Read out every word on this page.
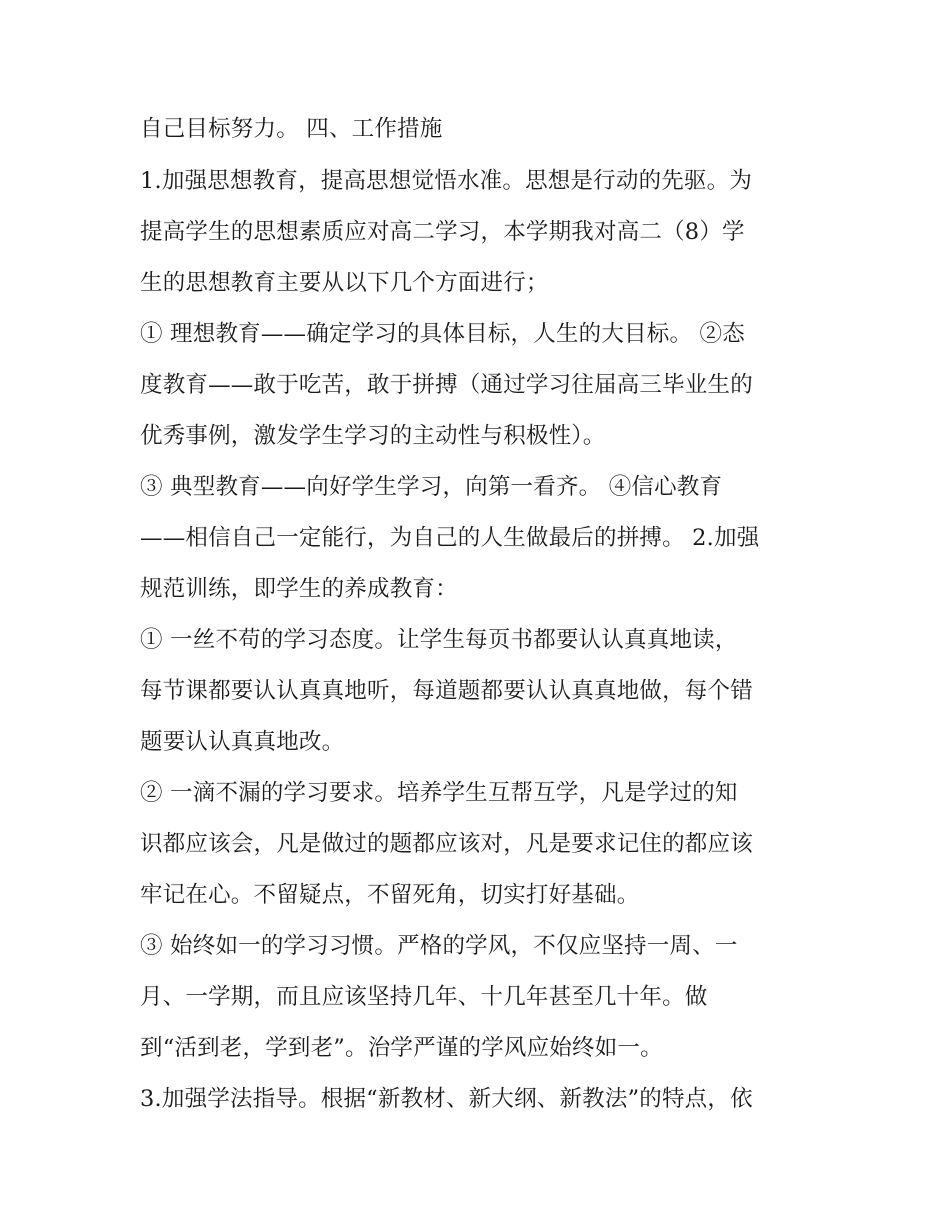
自己目标努力。 四、工作措施
1.加强思想教育，提高思想觉悟水准。思想是行动的先驱。为
提高学生的思想素质应对高二学习，本学期我对高二（8）学
生的思想教育主要从以下几个方面进行；
① 理想教育——确定学习的具体目标，人生的大目标。 ②态
度教育——敢于吃苦，敢于拼搏（通过学习往届高三毕业生的
优秀事例，激发学生学习的主动性与积极性）。
③ 典型教育——向好学生学习，向第一看齐。 ④信心教育
——相信自己一定能行，为自己的人生做最后的拼搏。 2.加强
规范训练，即学生的养成教育：
① 一丝不苟的学习态度。让学生每页书都要认认真真地读，
每节课都要认认真真地听，每道题都要认认真真地做，每个错
题要认认真真地改。
② 一滴不漏的学习要求。培养学生互帮互学，凡是学过的知
识都应该会，凡是做过的题都应该对，凡是要求记住的都应该
牢记在心。不留疑点，不留死角，切实打好基础。
③ 始终如一的学习习惯。严格的学风，不仅应坚持一周、一
月、一学期，而且应该坚持几年、十几年甚至几十年。做
到“活到老，学到老”。治学严谨的学风应始终如一。
3.加强学法指导。根据“新教材、新大纲、新教法”的特点，依
